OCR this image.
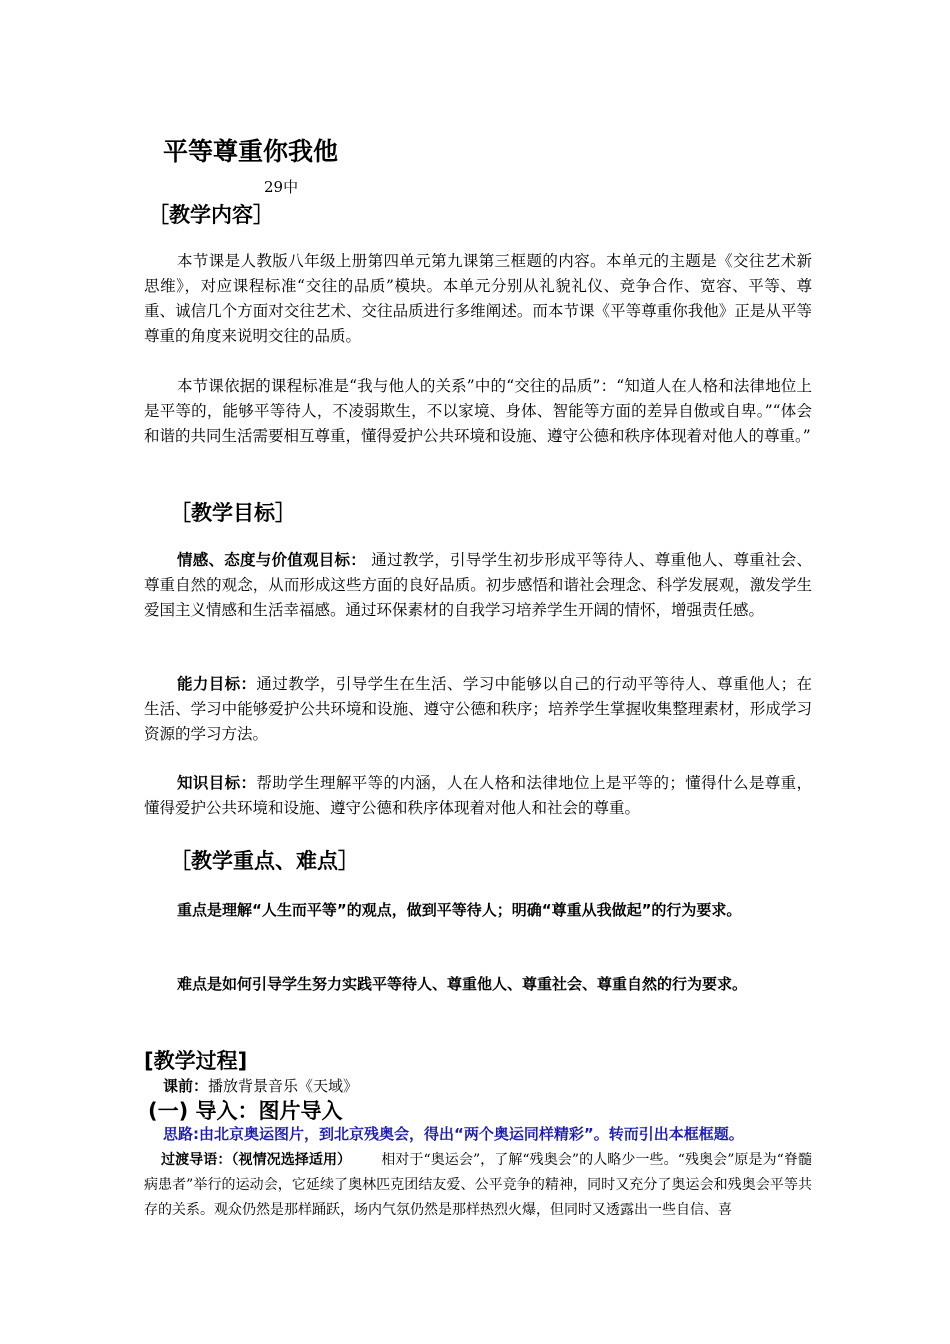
平等尊重你我他
29中
［教学内容］

本节课是人教版八年级上册第四单元第九课第三框题的内容。本单元的主题是《交往艺术新思维》，对应课程标准“交往的品质”模块。本单元分别从礼貌礼仪、竞争合作、宽容、平等、尊重、诚信几个方面对交往艺术、交往品质进行多维阐述。而本节课《平等尊重你我他》正是从平等尊重的角度来说明交往的品质。

本节课依据的课程标准是“我与他人的关系”中的“交往的品质”：“知道人在人格和法律地位上是平等的，能够平等待人，不凌弱欺生，不以家境、身体、智能等方面的差异自傲或自卑。”“体会和谐的共同生活需要相互尊重，懂得爱护公共环境和设施、遵守公德和秩序体现着对他人的尊重。”

［教学目标］

情感、态度与价值观目标： 通过教学，引导学生初步形成平等待人、尊重他人、尊重社会、尊重自然的观念，从而形成这些方面的良好品质。初步感悟和谐社会理念、科学发展观，激发学生爱国主义情感和生活幸福感。通过环保素材的自我学习培养学生开阔的情怀，增强责任感。

能力目标：通过教学，引导学生在生活、学习中能够以自己的行动平等待人、尊重他人；在生活、学习中能够爱护公共环境和设施、遵守公德和秩序；培养学生掌握收集整理素材，形成学习资源的学习方法。

知识目标：帮助学生理解平等的内涵，人在人格和法律地位上是平等的；懂得什么是尊重，懂得爱护公共环境和设施、遵守公德和秩序体现着对他人和社会的尊重。

［教学重点、难点］
重点是理解“人生而平等”的观点，做到平等待人；明确“尊重从我做起”的行为要求。
难点是如何引导学生努力实践平等待人、尊重他人、尊重社会、尊重自然的行为要求。
[教学过程]
课前：播放背景音乐《天域》
(一) 导入：图片导入
思路:由北京奥运图片，到北京残奥会，得出“两个奥运同样精彩”。转而引出本框框题。

过渡导语：（视情况选择适用） 相对于“奥运会”，了解“残奥会”的人略少一些。“残奥会”原是为“脊髓病患者”举行的运动会，它延续了奥林匹克团结友爱、公平竞争的精神，同时又充分了奥运会和残奥会平等共存的关系。观众仍然是那样踊跃，场内气氛仍然是那样热烈火爆，但同时又透露出一些自信、喜
